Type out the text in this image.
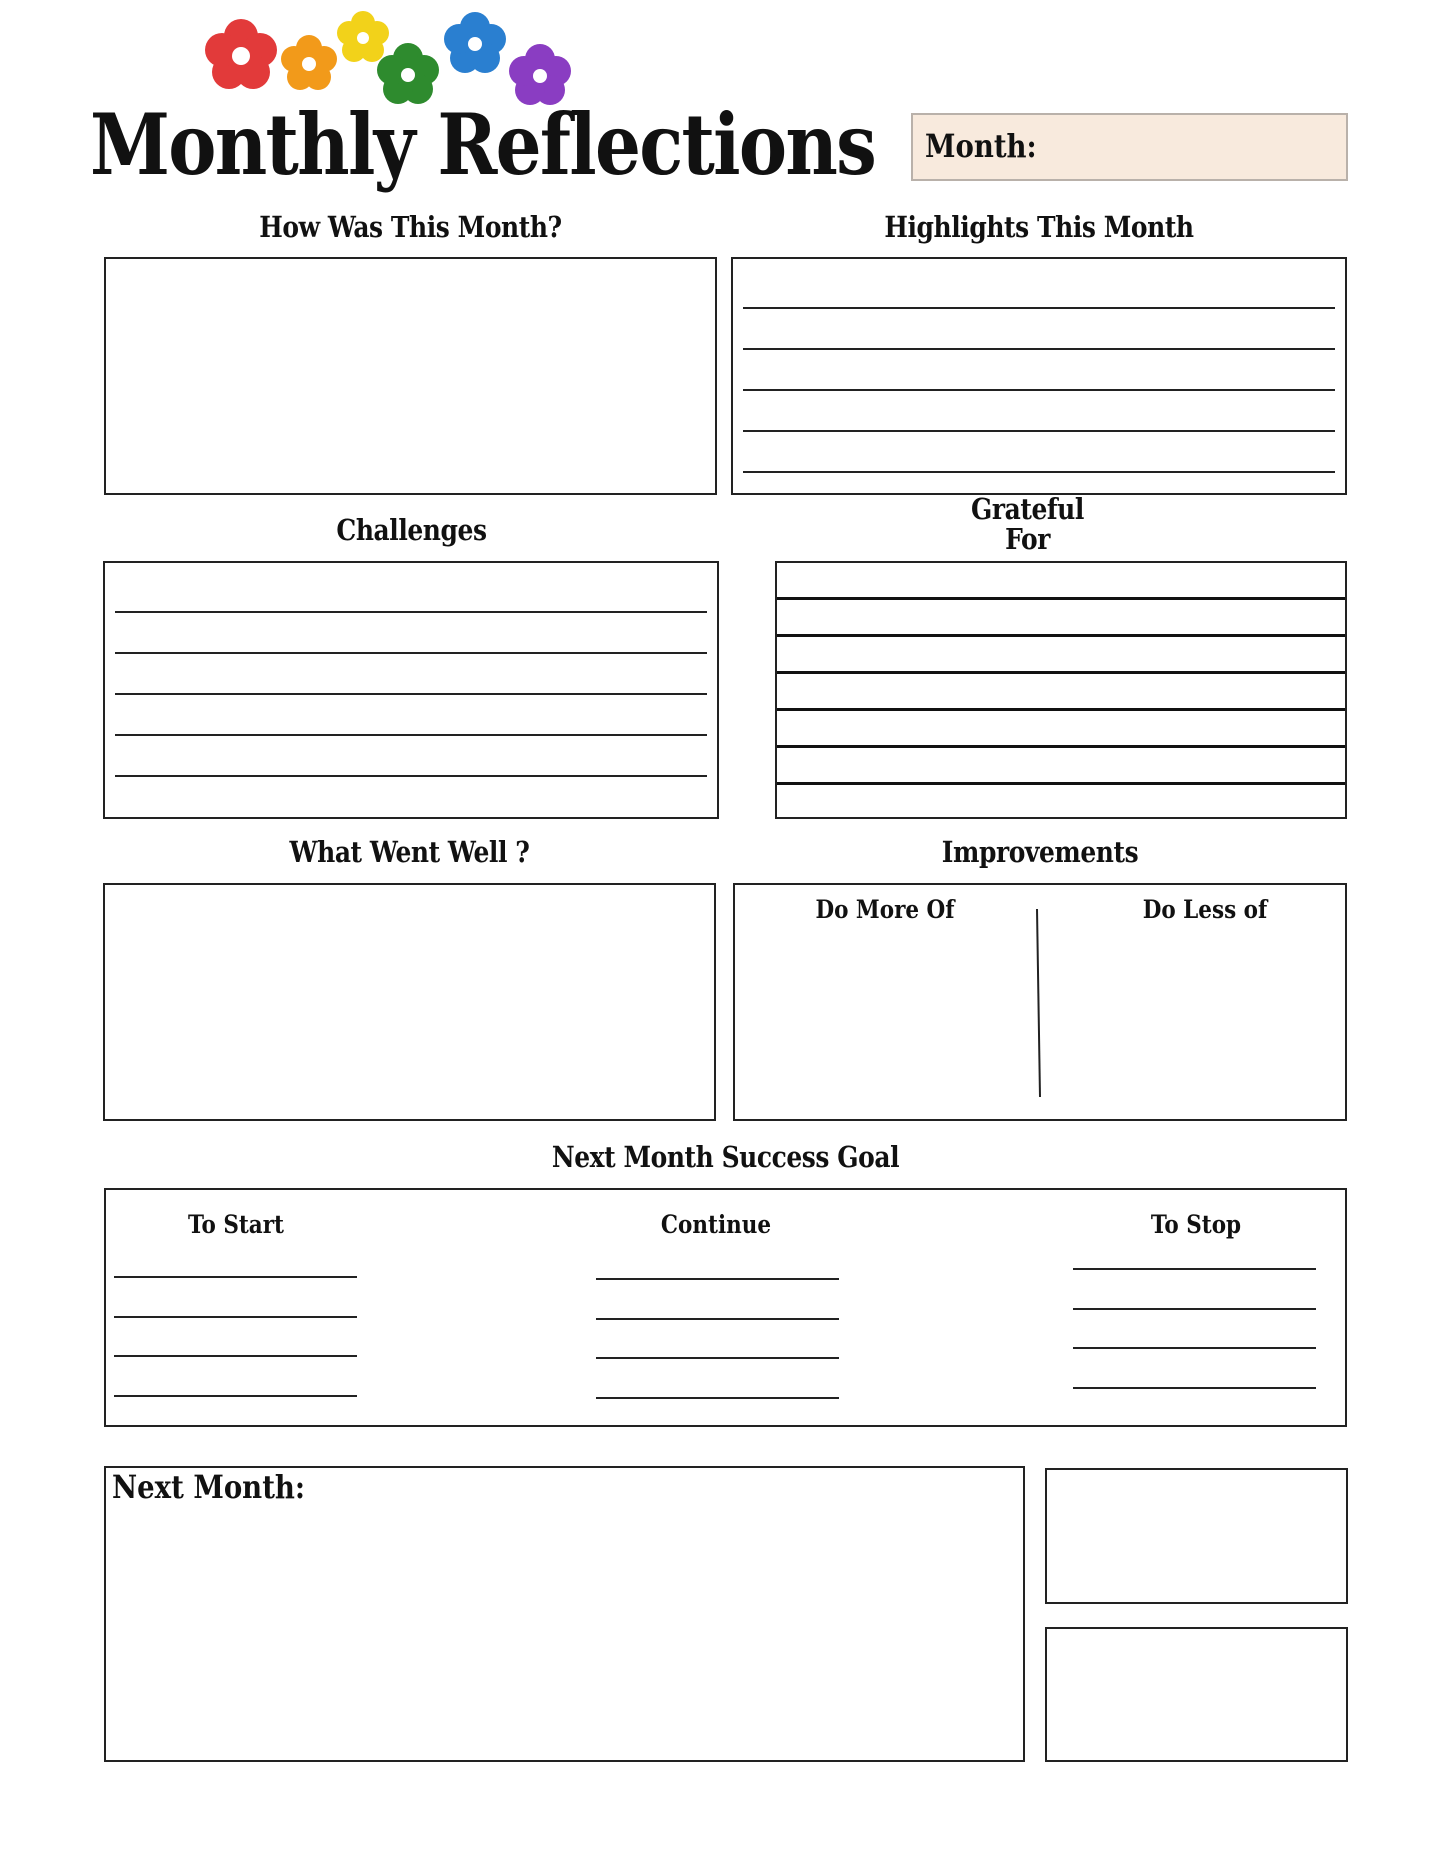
Monthly Reflections Month:
How Was This Month?	Highlights This Month
Challenges
Grateful
For
What Went Well ?	Improvements
Do More Of	Do Less of
Next Month Success Goal
To Start	Continue	To Stop
Next Month:
